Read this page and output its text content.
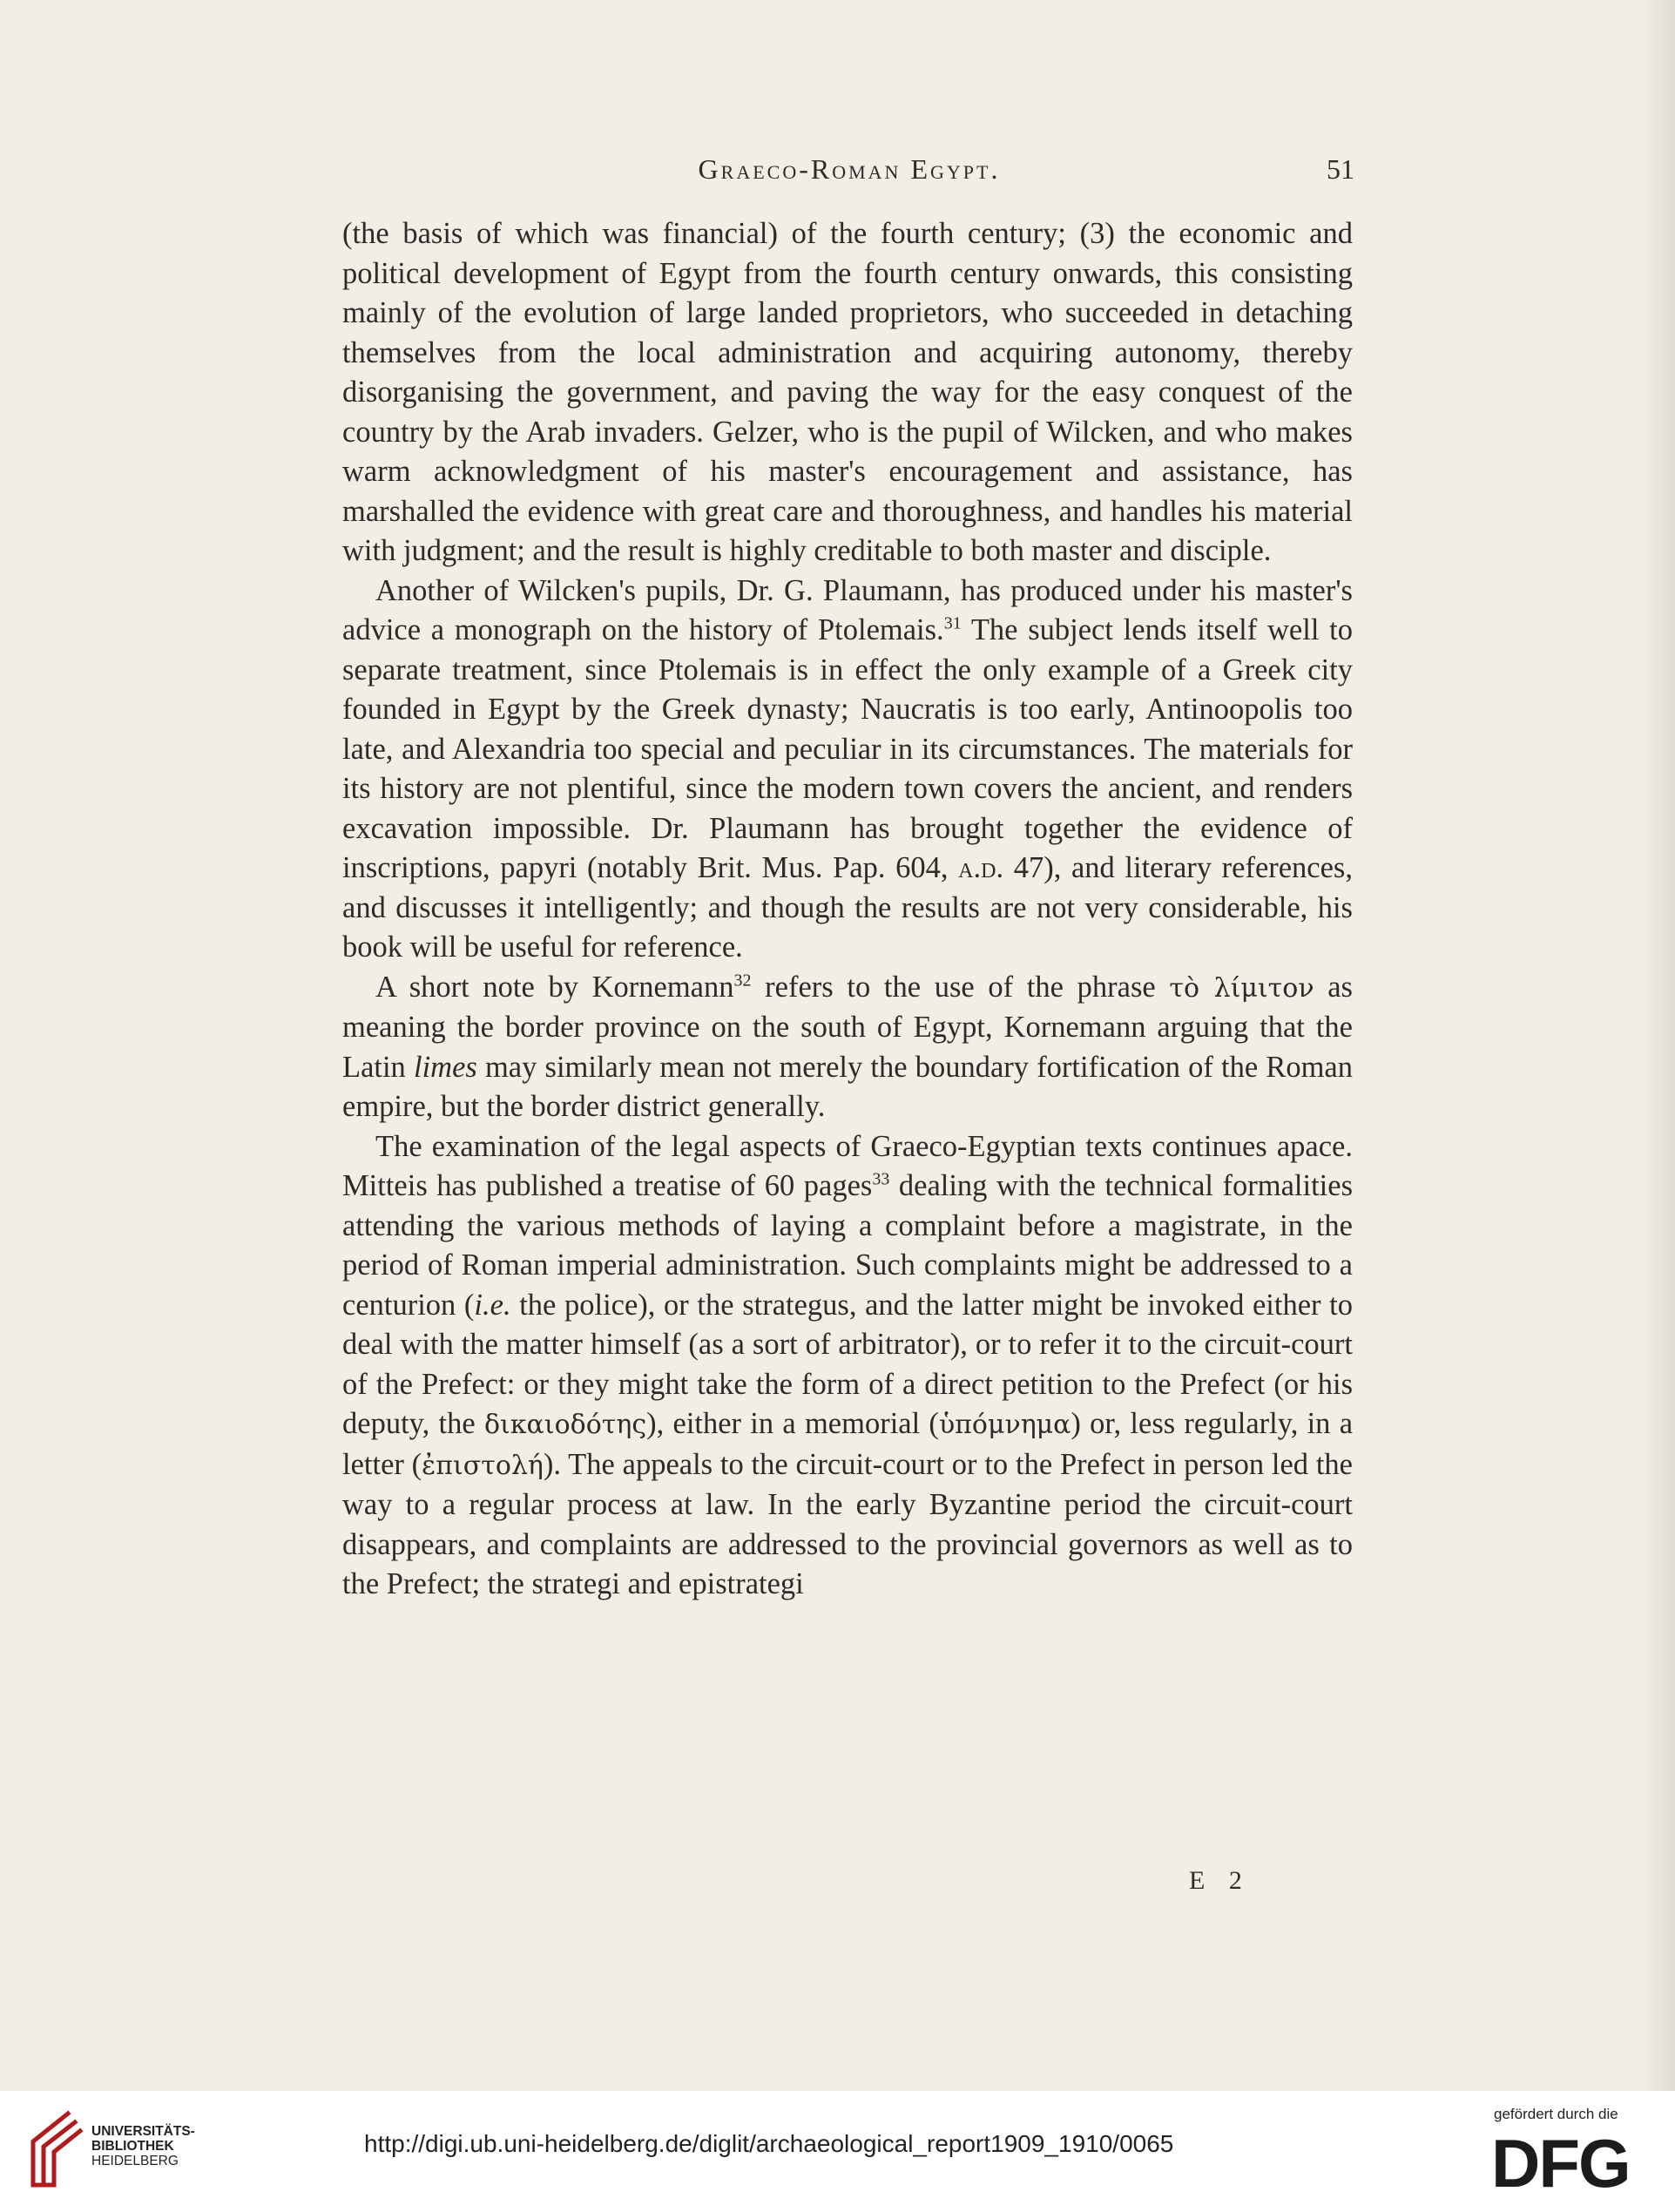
Graeco-Roman Egypt.	51

(the basis of which was financial) of the fourth century; (3) the economic and political development of Egypt from the fourth century onwards, this consisting mainly of the evolution of large landed proprietors, who succeeded in detaching themselves from the local administration and acquiring autonomy, thereby disorganising the government, and paving the way for the easy conquest of the country by the Arab invaders. Gelzer, who is the pupil of Wilcken, and who makes warm acknowledgment of his master's encouragement and assistance, has marshalled the evidence with great care and thoroughness, and handles his material with judgment; and the result is highly creditable to both master and disciple.

Another of Wilcken's pupils, Dr. G. Plaumann, has produced under his master's advice a monograph on the history of Ptolemais.$^{31}$ The subject lends itself well to separate treatment, since Ptolemais is in effect the only example of a Greek city founded in Egypt by the Greek dynasty; Naucratis is too early, Antinoopolis too late, and Alexandria too special and peculiar in its circumstances. The materials for its history are not plentiful, since the modern town covers the ancient, and renders excavation impossible. Dr. Plaumann has brought together the evidence of inscriptions, papyri (notably Brit. Mus. Pap. 604, a.d. 47), and literary references, and discusses it intelligently; and though the results are not very considerable, his book will be useful for reference.

A short note by Kornemann$^{32}$ refers to the use of the phrase τὸ λίμιτον as meaning the border province on the south of Egypt, Kornemann arguing that the Latin limes may similarly mean not merely the boundary fortification of the Roman empire, but the border district generally.

The examination of the legal aspects of Graeco-Egyptian texts continues apace. Mitteis has published a treatise of 60 pages$^{33}$ dealing with the technical formalities attending the various methods of laying a complaint before a magistrate, in the period of Roman imperial administration. Such complaints might be addressed to a centurion (i.e. the police), or the strategus, and the latter might be invoked either to deal with the matter himself (as a sort of arbitrator), or to refer it to the circuit-court of the Prefect: or they might take the form of a direct petition to the Prefect (or his deputy, the δικαιοδότης), either in a memorial (ὑπόμνημα) or, less regularly, in a letter (ἐπιστολή). The appeals to the circuit-court or to the Prefect in person led the way to a regular process at law. In the early Byzantine period the circuit-court disappears, and complaints are addressed to the provincial governors as well as to the Prefect; the strategi and epistrategi

E 2
UNIVERSITÄTS-
BIBLIOTHEK
HEIDELBERG
http://digi.ub.uni-heidelberg.de/diglit/archaeological_report1909_1910/0065
gefördert durch die
DFG
